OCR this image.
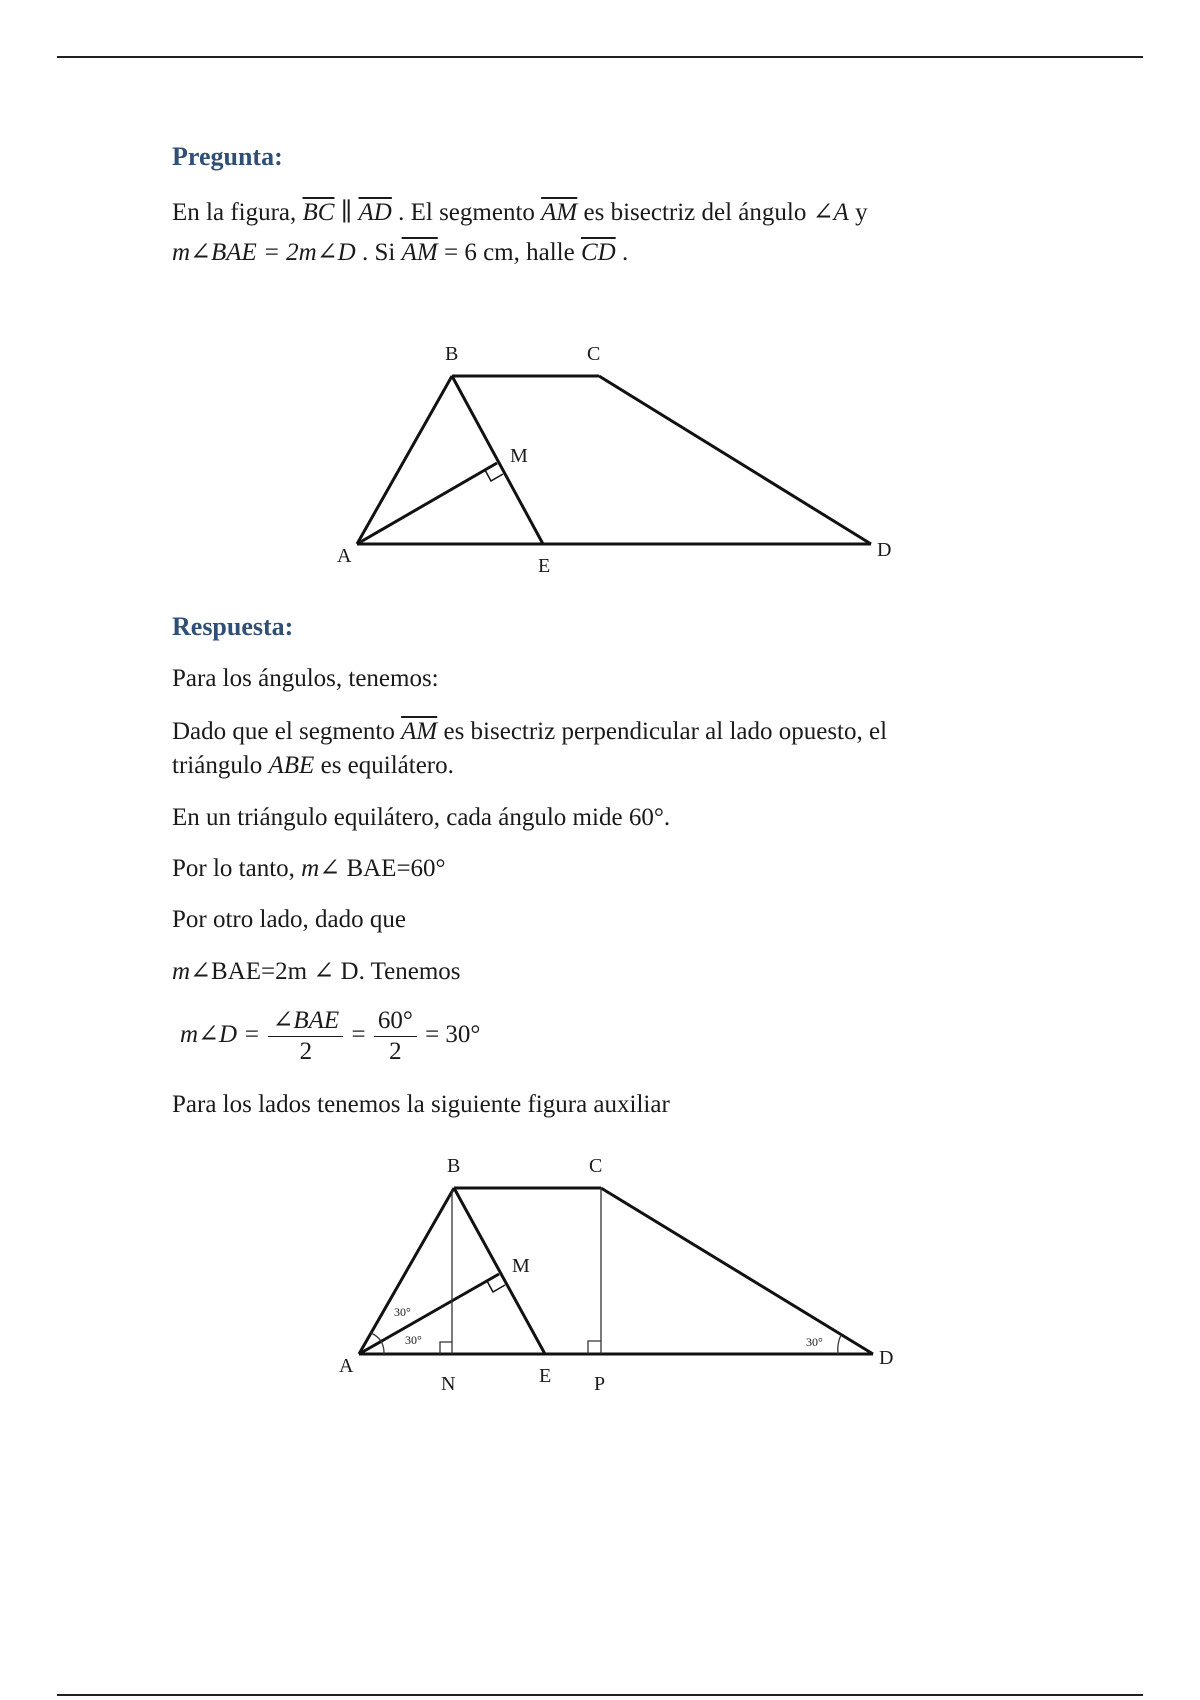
Pregunta:

En la figura, $\overline{BC}$ ∥ $\overline{AD}$ . El segmento $\overline{AM}$ es bisectriz del ángulo ∠A y

m∠BAE = 2m∠D . Si $\overline{AM} = 6$ cm, halle $\overline{CD}$ .

B	C
M
A	E
D
Respuesta:

Para los ángulos, tenemos:

Dado que el segmento $\overline{AM}$ es bisectriz perpendicular al lado opuesto, el

triángulo ABE es equilátero.

En un triángulo equilátero, cada ángulo mide 60°.

Por lo tanto, m∠ BAE=60°

Por otro lado, dado que

m∠BAE=2m ∠ D. Tenemos

m∠D = $\frac{\text{∠BAE}}{2} = \frac{60^\circ}{2} = 30^\circ$

Para los lados tenemos la siguiente figura auxiliar

30°
30°	30°
B	C
M
A
N	E P
D
